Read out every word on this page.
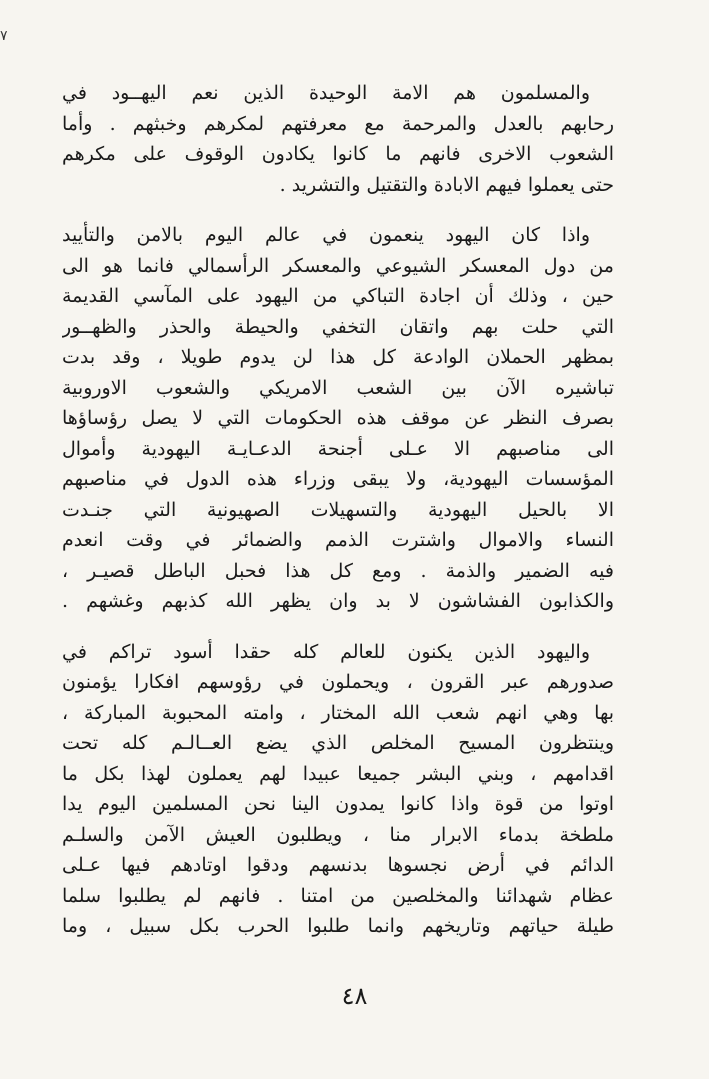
٧
والمسلمون هم الامة الوحيدة الذين نعم اليهــود في
رحابهم بالعدل والمرحمة مع معرفتهم لمكرهم وخبثهم . وأما
الشعوب الاخرى فانهم ما كانوا يكادون الوقوف على مكرهم
حتى يعملوا فيهم الابادة والتقتيل والتشريد .
واذا كان اليهود ينعمون في عالم اليوم بالامن والتأييد
من دول المعسكر الشيوعي والمعسكر الرأسمالي فانما هو الى
حين ، وذلك أن اجادة التباكي من اليهود على المآسي القديمة
التي حلت بهم واتقان التخفي والحيطة والحذر والظهــور
بمظهر الحملان الوادعة كل هذا لن يدوم طويلا ، وقد بدت
تباشيره الآن بين الشعب الامريكي والشعوب الاوروبية
بصرف النظر عن موقف هذه الحكومات التي لا يصل رؤساؤها
الى مناصبهم الا عـلى أجنحة الدعـايـة اليهودية وأموال
المؤسسات اليهودية، ولا يبقى وزراء هذه الدول في مناصبهم
الا بالحيل اليهودية والتسهيلات الصهيونية التي جنـدت
النساء والاموال واشترت الذمم والضمائر في وقت انعدم
فيه الضمير والذمة . ومع كل هذا فحبل الباطل قصيـر ،
والكذابون الفشاشون لا بد وان يظهر الله كذبهم وغشهم .
واليهود الذين يكنون للعالم كله حقدا أسود تراكم في
صدورهم عبر القرون ، ويحملون في رؤوسهم افكارا يؤمنون
بها وهي انهم شعب الله المختار ، وامته المحبوبة المباركة ،
وينتظرون المسيح المخلص الذي يضع العــالـم كله تحت
اقدامهم ، وبني البشر جميعا عبيدا لهم يعملون لهذا بكل ما
اوتوا من قوة واذا كانوا يمدون الينا نحن المسلمين اليوم يدا
ملطخة بدماء الابرار منا ، ويطلبون العيش الآمن والسلـم
الدائم في أرض نجسوها بدنسهم ودقوا اوتادهم فيها عـلى
عظام شهدائنا والمخلصين من امتنا . فانهم لم يطلبوا سلما
طيلة حياتهم وتاريخهم وانما طلبوا الحرب بكل سبيل ، وما
٤٨
